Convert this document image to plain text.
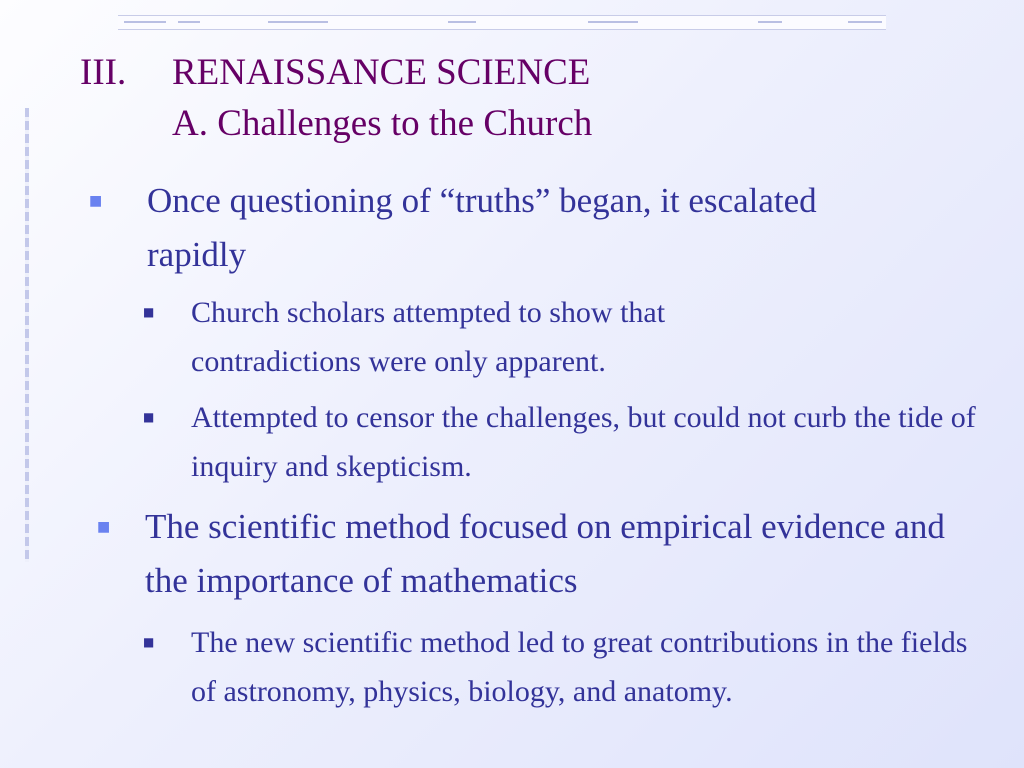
III. RENAISSANCE SCIENCE
A. Challenges to the Church
■ Once questioning of “truths” began, it escalated rapidly
■ Church scholars attempted to show that contradictions were only apparent.
■ Attempted to censor the challenges, but could not curb the tide of inquiry and skepticism.
■ The scientific method focused on empirical evidence and the importance of mathematics
■ The new scientific method led to great contributions in the fields of astronomy, physics, biology, and anatomy.
